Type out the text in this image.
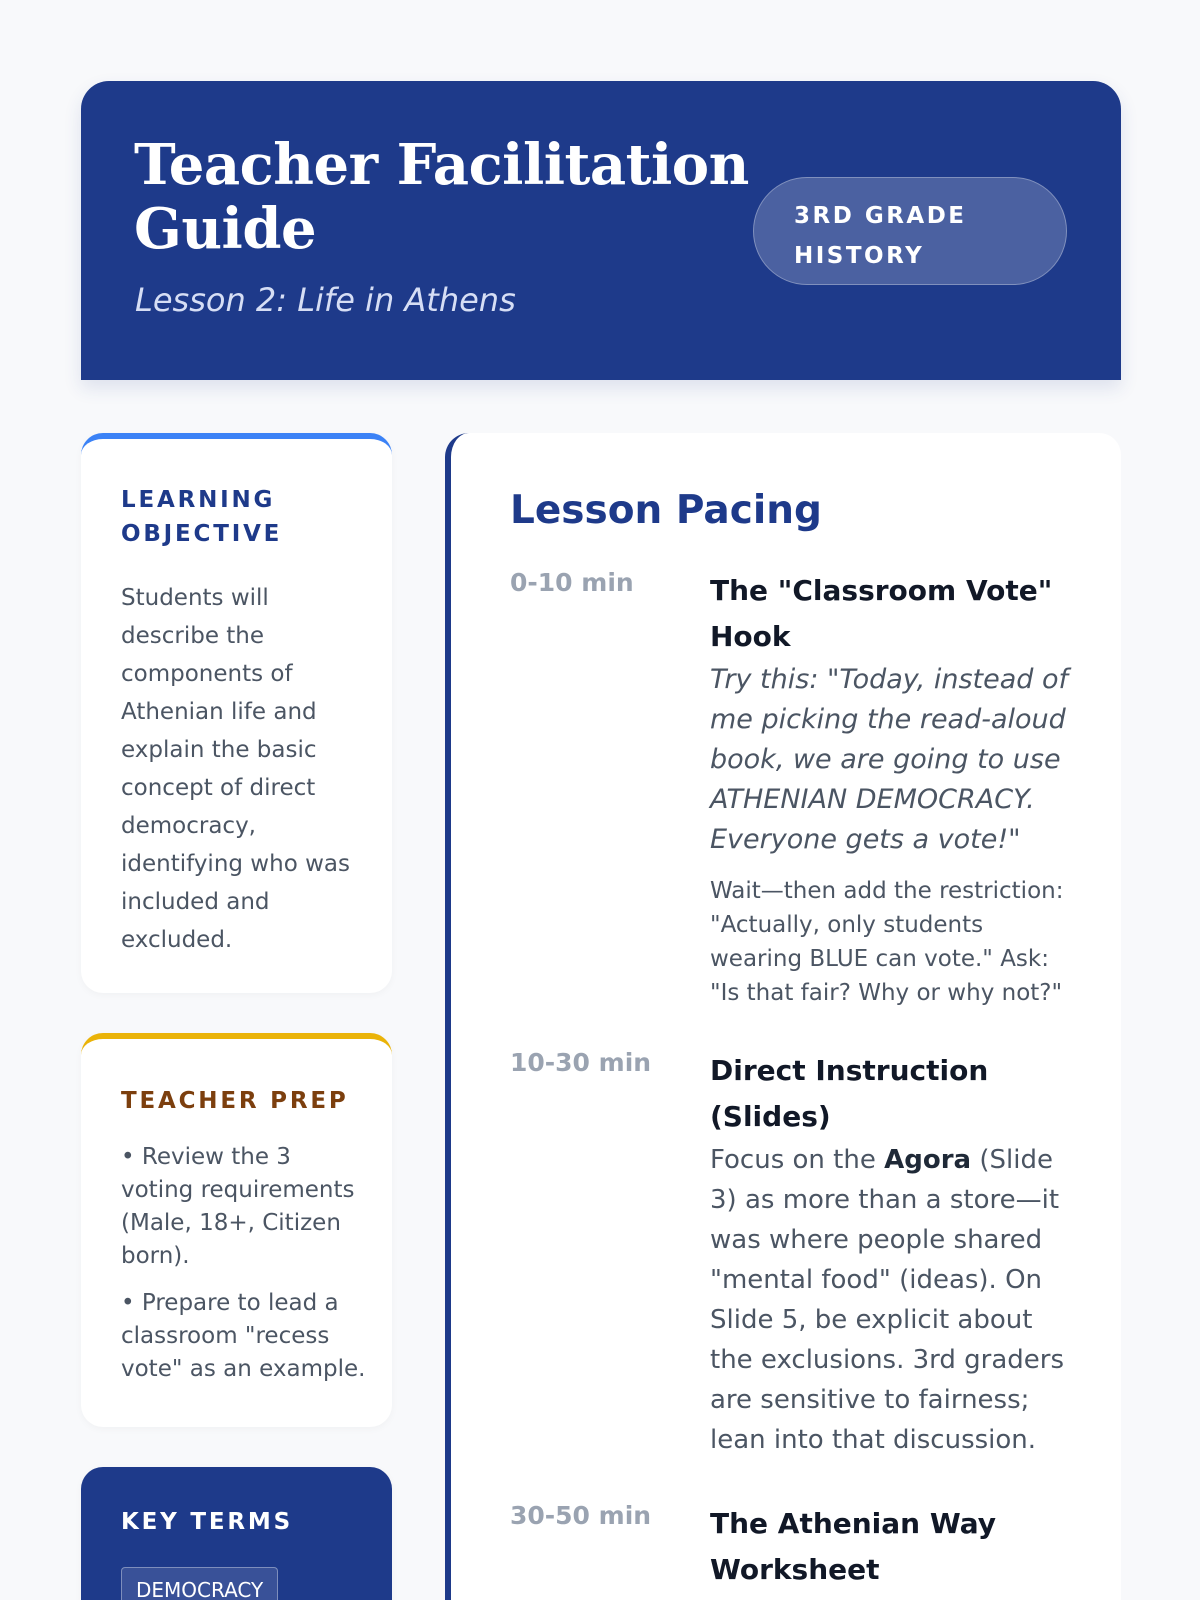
Teacher Facilitation Guide
Lesson 2: Life in Athens
3RD GRADE HISTORY
LEARNING OBJECTIVE
Students will describe the components of Athenian life and explain the basic concept of direct democracy, identifying who was included and excluded.
TEACHER PREP
• Review the 3 voting requirements (Male, 18+, Citizen born).
• Prepare to lead a classroom "recess vote" as an example.
KEY TERMS
DEMOCRACY
Lesson Pacing
0-10 min	The "Classroom Vote" Hook
Try this: "Today, instead of me picking the read-aloud book, we are going to use ATHENIAN DEMOCRACY. Everyone gets a vote!"
Wait—then add the restriction: "Actually, only students wearing BLUE can vote." Ask: "Is that fair? Why or why not?"
10-30 min Direct Instruction (Slides)
Focus on the Agora (Slide 3) as more than a store—it was where people shared "mental food" (ideas). On Slide 5, be explicit about the exclusions. 3rd graders are sensitive to fairness; lean into that discussion.
30-50 min The Athenian Way Worksheet
